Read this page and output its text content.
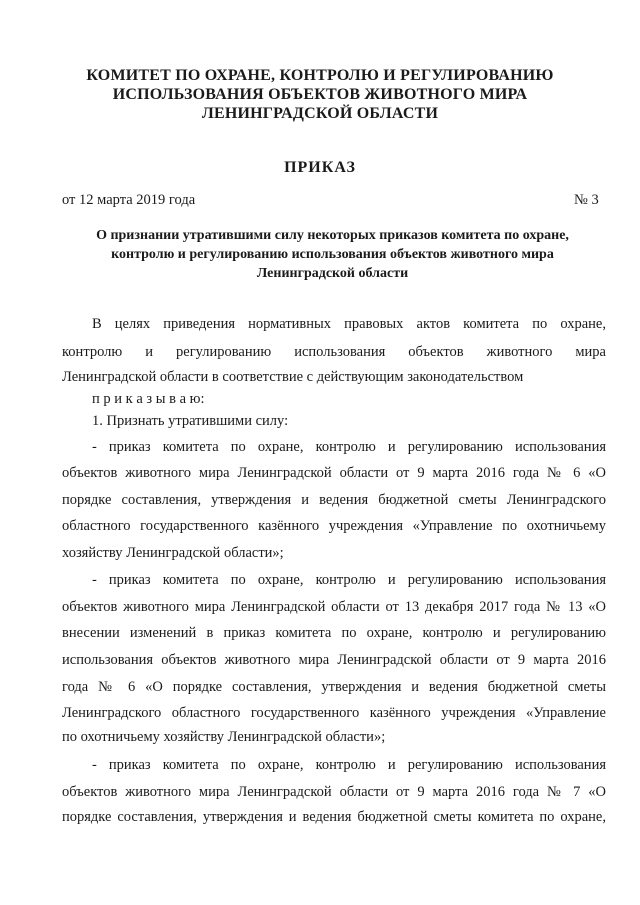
КОМИТЕТ ПО ОХРАНЕ, КОНТРОЛЮ И РЕГУЛИРОВАНИЮ
ИСПОЛЬЗОВАНИЯ ОБЪЕКТОВ ЖИВОТНОГО МИРА
ЛЕНИНГРАДСКОЙ ОБЛАСТИ
ПРИКАЗ
от 12 марта 2019 года	№ 3
О признании утратившими силу некоторых приказов комитета по охране,
контролю и регулированию использования объектов животного мира
Ленинградской области
В целях приведения нормативных правовых актов комитета по охране,
контролю и регулированию использования объектов животного мира
Ленинградской области в соответствие с действующим законодательством
п р и к а з ы в а ю:
1. Признать утратившими силу:
- приказ комитета по охране, контролю и регулированию использования
объектов животного мира Ленинградской области от 9 марта 2016 года № 6 «О
порядке составления, утверждения и ведения бюджетной сметы Ленинградского
областного государственного казённого учреждения «Управление по охотничьему
хозяйству Ленинградской области»;
- приказ комитета по охране, контролю и регулированию использования
объектов животного мира Ленинградской области от 13 декабря 2017 года № 13 «О
внесении изменений в приказ комитета по охране, контролю и регулированию
использования объектов животного мира Ленинградской области от 9 марта 2016
года № 6 «О порядке составления, утверждения и ведения бюджетной сметы
Ленинградского областного государственного казённого учреждения «Управление
по охотничьему хозяйству Ленинградской области»;
- приказ комитета по охране, контролю и регулированию использования
объектов животного мира Ленинградской области от 9 марта 2016 года № 7 «О
порядке составления, утверждения и ведения бюджетной сметы комитета по охране,
